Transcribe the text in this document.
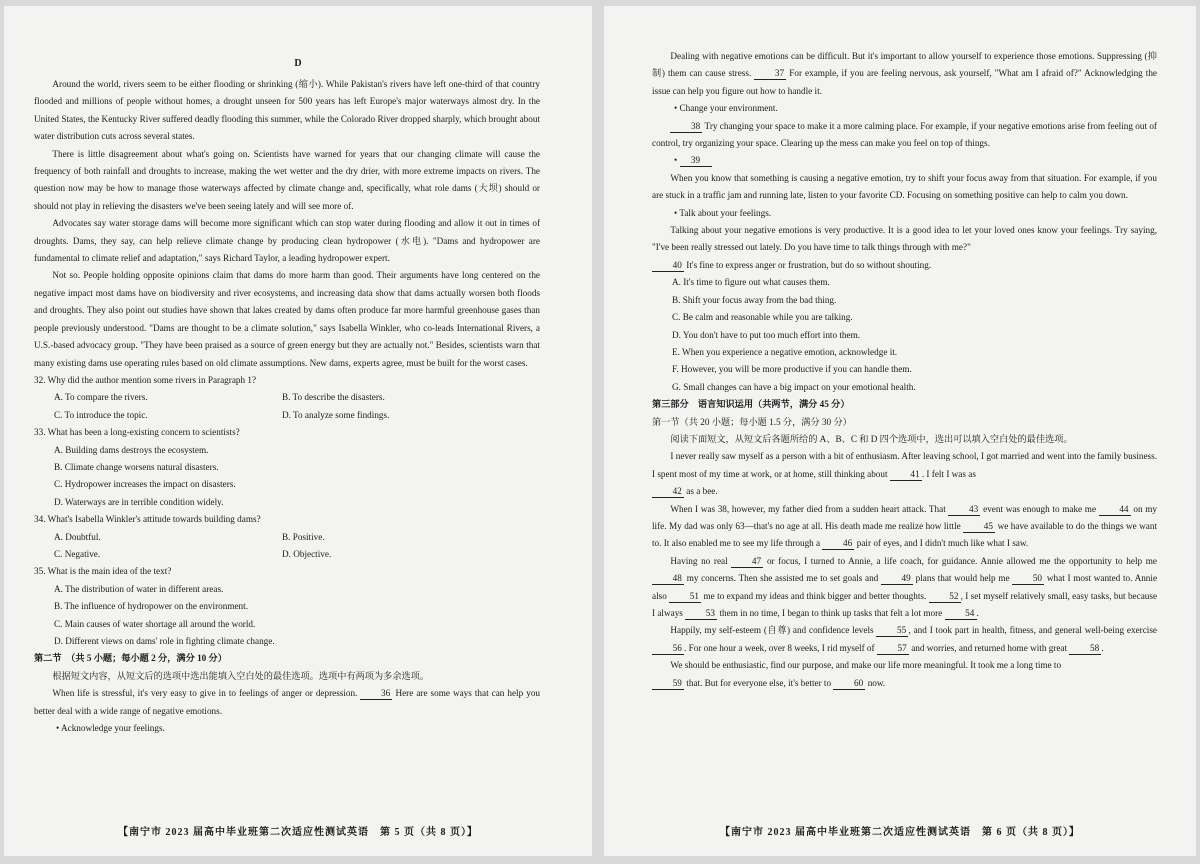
D

Around the world, rivers seem to be either flooding or shrinking (缩小). While Pakistan's rivers have left one-third of that country flooded and millions of people without homes, a drought unseen for 500 years has left Europe's major waterways almost dry. In the United States, the Kentucky River suffered deadly flooding this summer, while the Colorado River dropped sharply, which brought about water distribution cuts across several states.

There is little disagreement about what's going on. Scientists have warned for years that our changing climate will cause the frequency of both rainfall and droughts to increase, making the wet wetter and the dry drier, with more extreme impacts on rivers. The question now may be how to manage those waterways affected by climate change and, specifically, what role dams (大坝) should or should not play in relieving the disasters we've been seeing lately and will see more of.

Advocates say water storage dams will become more significant which can stop water during flooding and allow it out in times of droughts. Dams, they say, can help relieve climate change by producing clean hydropower (水电). "Dams and hydropower are fundamental to climate relief and adaptation," says Richard Taylor, a leading hydropower expert.

Not so. People holding opposite opinions claim that dams do more harm than good. Their arguments have long centered on the negative impact most dams have on biodiversity and river ecosystems, and increasing data show that dams actually worsen both floods and droughts. They also point out studies have shown that lakes created by dams often produce far more harmful greenhouse gases than people previously understood. "Dams are thought to be a climate solution," says Isabella Winkler, who co-leads International Rivers, a U.S.-based advocacy group. "They have been praised as a source of green energy but they are actually not." Besides, scientists warn that many existing dams use operating rules based on old climate assumptions. New dams, experts agree, must be built for the worst cases.

32. Why did the author mention some rivers in Paragraph 1?

A. To compare the rivers.	B. To describe the disasters.
C. To introduce the topic.	D. To analyze some findings.

33. What has been a long-existing concern to scientists?

A. Building dams destroys the ecosystem.

B. Climate change worsens natural disasters.

C. Hydropower increases the impact on disasters.

D. Waterways are in terrible condition widely.

34. What's Isabella Winkler's attitude towards building dams?

A. Doubtful.	B. Positive.
C. Negative.	D. Objective.

35. What is the main idea of the text?

A. The distribution of water in different areas.

B. The influence of hydropower on the environment.

C. Main causes of water shortage all around the world.

D. Different views on dams' role in fighting climate change.

第二节　（共 5 小题；每小题 2 分，满分 10 分）

根据短文内容，从短文后的选项中选出能填入空白处的最佳选项。选项中有两项为多余选项。

When life is stressful, it's very easy to give in to feelings of anger or depression.	36 Here are some ways that can help you better deal with a wide range of negative emotions.

• Acknowledge your feelings.

【南宁市 2023 届高中毕业班第二次适应性测试英语　第 5 页（共 8 页）】

Dealing with negative emotions can be difficult. But it's important to allow yourself to experience those emotions. Suppressing (抑制) them can cause stress.	37 For example, if you are feeling nervous, ask yourself, "What am I afraid of?" Acknowledging the issue can help you figure out how to handle it.

• Change your environment.

38 Try changing your space to make it a more calming place. For example, if your negative emotions arise from feeling out of control, try organizing your space. Clearing up the mess can make you feel on top of things.

• 39

When you know that something is causing a negative emotion, try to shift your focus away from that situation. For example, if you are stuck in a traffic jam and running late, listen to your favorite CD. Focusing on something positive can help to calm you down.

• Talk about your feelings.

Talking about your negative emotions is very productive. It is a good idea to let your loved ones know your feelings. Try saying, "I've been really stressed out lately. Do you have time to talk things through with me?"
40 It's fine to express anger or frustration, but do so without shouting.

A. It's time to figure out what causes them.

B. Shift your focus away from the bad thing.

C. Be calm and reasonable while you are talking.

D. You don't have to put too much effort into them.

E. When you experience a negative emotion, acknowledge it.

F. However, you will be more productive if you can handle them.

G. Small changes can have a big impact on your emotional health.

第三部分　语言知识运用（共两节，满分 45 分）

第一节（共 20 小题；每小题 1.5 分，满分 30 分）

阅读下面短文，从短文后各题所给的 A、B、C 和 D 四个选项中，选出可以填入空白处的最佳选项。

I never really saw myself as a person with a bit of enthusiasm. After leaving school, I got married and went into the family business. I spent most of my time at work, or at home, still thinking about 41 . I felt I was as
42 as a bee.

When I was 38, however, my father died from a sudden heart attack. That	43 event was enough to make me	44 on my life. My dad was only 63—that's no age at all. His death made me realize how little	45 we have available to do the things we want to. It also enabled me to see my life through a 46 pair of eyes, and I didn't much like what I saw.

Having no real	47 or focus, I turned to Annie, a life coach, for guidance. Annie allowed me the opportunity to help me 48 my concerns. Then she assisted me to set goals and	49 plans that would help me	50 what I most wanted to. Annie also 51 me to expand my ideas and think bigger and better thoughts. 52 , I set myself relatively small, easy tasks, but because I always 53 them in no time, I began to think up tasks that felt a lot more 54 .

Happily, my self-esteem (自尊) and confidence levels	55 , and I took part in health, fitness, and general well-being exercise 56 . For one hour a week, over 8 weeks, I rid myself of 57 and worries, and returned home with great 58 .

We should be enthusiastic, find our purpose, and make our life more meaningful. It took me a long time to
59 that. But for everyone else, it's better to 60 now.

【南宁市 2023 届高中毕业班第二次适应性测试英语　第 6 页（共 8 页）】
